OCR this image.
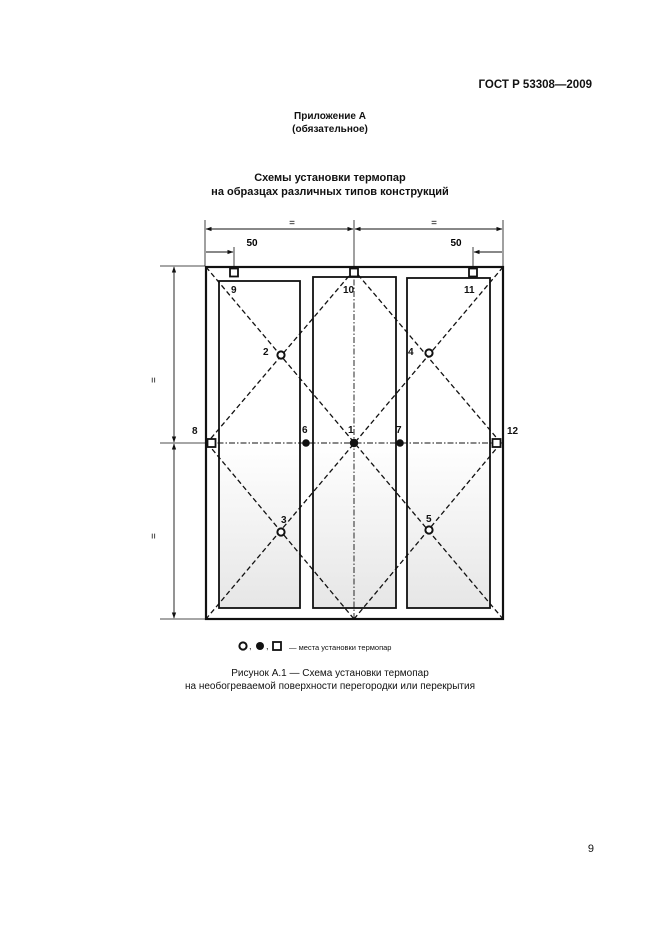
ГОСТ Р 53308—2009
Приложение А
(обязательное)
Схемы установки термопар
на образцах различных типов конструкций
=	=
50	50
=
=
1
2
3
4
5
6	7
8
9	10	11
12
, ,	— места установки термопар
Рисунок А.1 — Схема установки термопар
на необогреваемой поверхности перегородки или перекрытия
9
